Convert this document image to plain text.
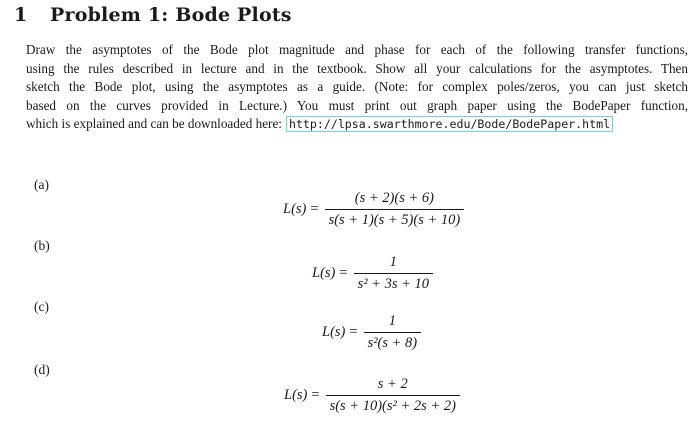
1 Problem 1: Bode Plots
Draw the asymptotes of the Bode plot magnitude and phase for each of the following transfer functions,
using the rules described in lecture and in the textbook. Show all your calculations for the asymptotes. Then
sketch the Bode plot, using the asymptotes as a guide. (Note: for complex poles/zeros, you can just sketch
based on the curves provided in Lecture.) You must print out graph paper using the BodePaper function,
which is explained and can be downloaded here: http://lpsa.swarthmore.edu/Bode/BodePaper.html
(a)
$L(s) = \frac{(s + 2)(s + 6)}{s(s + 1)(s + 5)(s + 10)}$
(b)
$L(s) = \frac{1}{\text{s² + 3s + 10}}$
(c)
$L(s) = \frac{1}{\text{s²(s + 8)}}$
(d)
$L(s) = \frac{s + 2}{\text{s(s + 10)(s² + 2s + 2)}}$
